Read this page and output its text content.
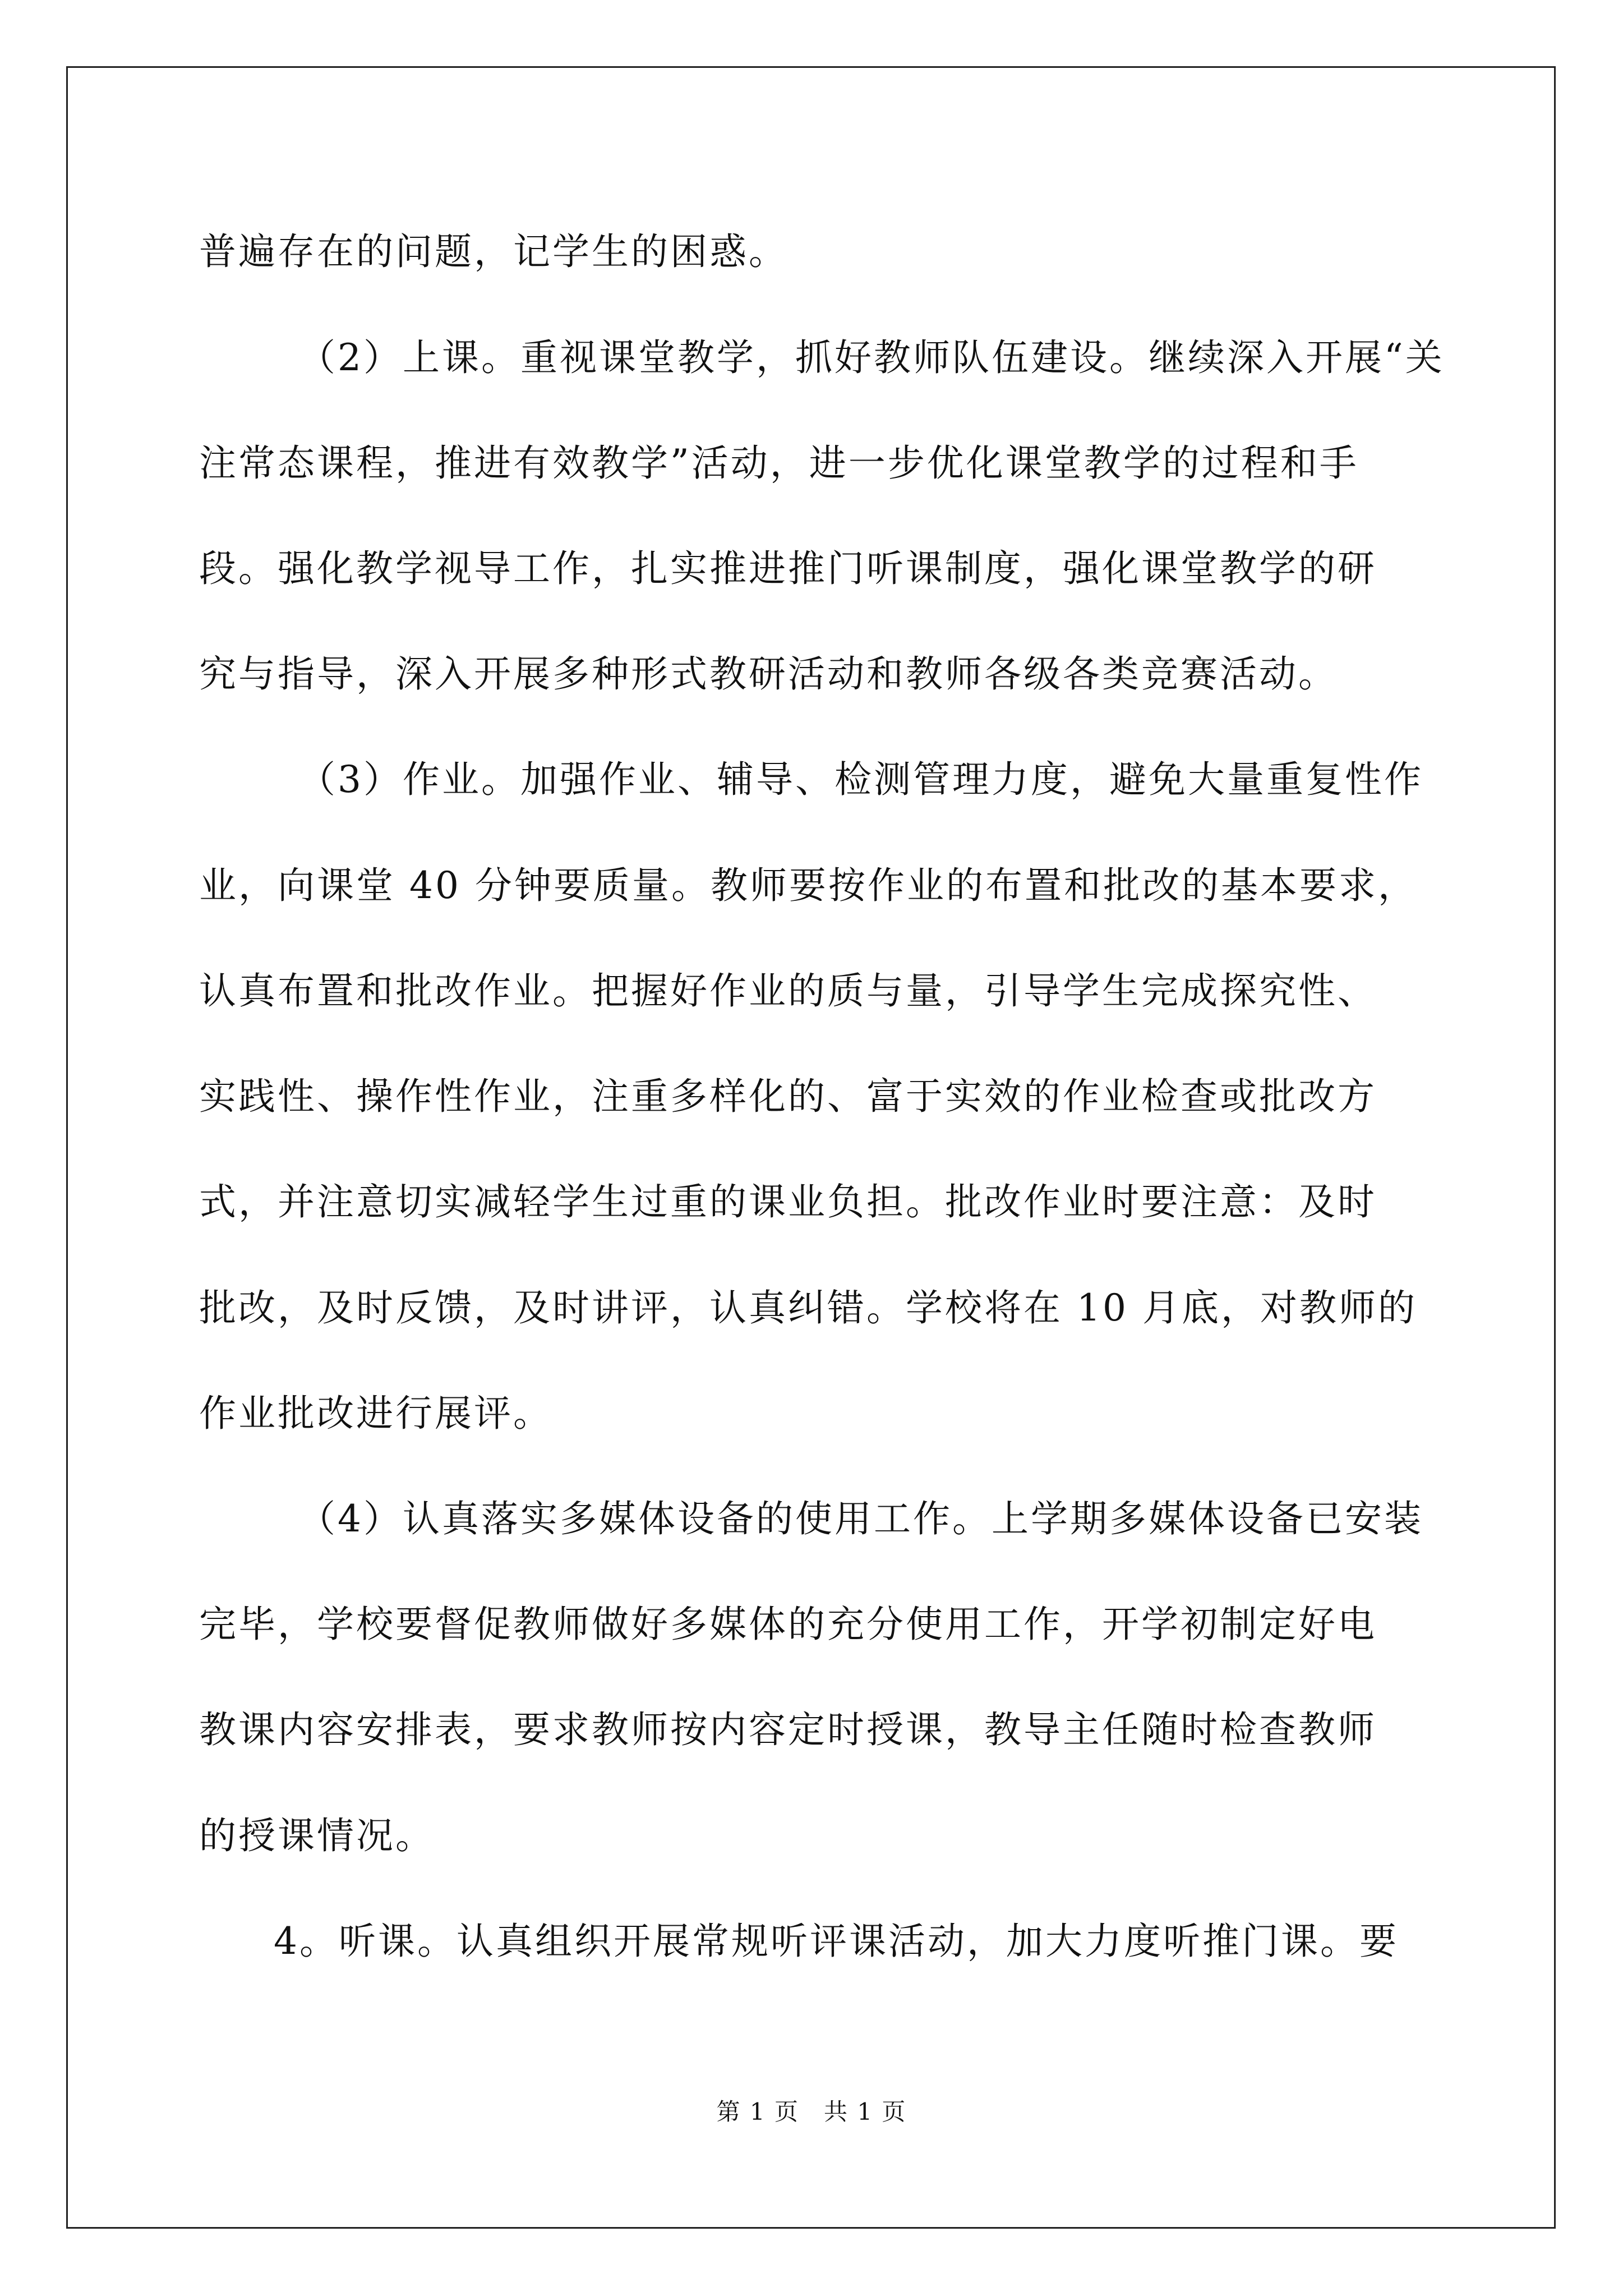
普遍存在的问题，记学生的困惑。
（2）上课。重视课堂教学，抓好教师队伍建设。继续深入开展“关
注常态课程，推进有效教学”活动，进一步优化课堂教学的过程和手
段。强化教学视导工作，扎实推进推门听课制度，强化课堂教学的研
究与指导，深入开展多种形式教研活动和教师各级各类竞赛活动。
（3）作业。加强作业、辅导、检测管理力度，避免大量重复性作
业，向课堂 40 分钟要质量。教师要按作业的布置和批改的基本要求，
认真布置和批改作业。把握好作业的质与量，引导学生完成探究性、
实践性、操作性作业，注重多样化的、富于实效的作业检查或批改方
式，并注意切实减轻学生过重的课业负担。批改作业时要注意：及时
批改，及时反馈，及时讲评，认真纠错。学校将在 10 月底，对教师的
作业批改进行展评。
（4）认真落实多媒体设备的使用工作。上学期多媒体设备已安装
完毕，学校要督促教师做好多媒体的充分使用工作，开学初制定好电
教课内容安排表，要求教师按内容定时授课，教导主任随时检查教师
的授课情况。
4。听课。认真组织开展常规听评课活动，加大力度听推门课。要
第 1 页　共 1 页
